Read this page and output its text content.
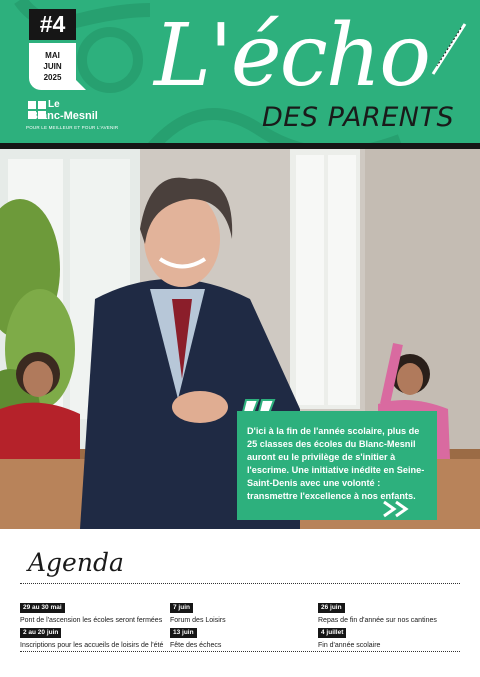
#4
MAI
JUIN
2025
Le
Blanc-Mesnil
POUR LE MEILLEUR ET POUR L'AVENIR
L'écho
DES PARENTS
D'ici à la fin de l'année scolaire, plus de 25 classes des écoles du Blanc-Mesnil auront eu le privilège de s'initier à l'escrime. Une initiative inédite en Seine-Saint-Denis avec une volonté : transmettre l'excellence à nos enfants.
Agenda
29 au 30 mai
Pont de l'ascension les écoles seront fermées
7 juin
Forum des Loisirs
26 juin
Repas de fin d'année sur nos cantines
2 au 20 juin
Inscriptions pour les accueils de loisirs de l'été
13 juin
Fête des échecs
4 juillet
Fin d'année scolaire
